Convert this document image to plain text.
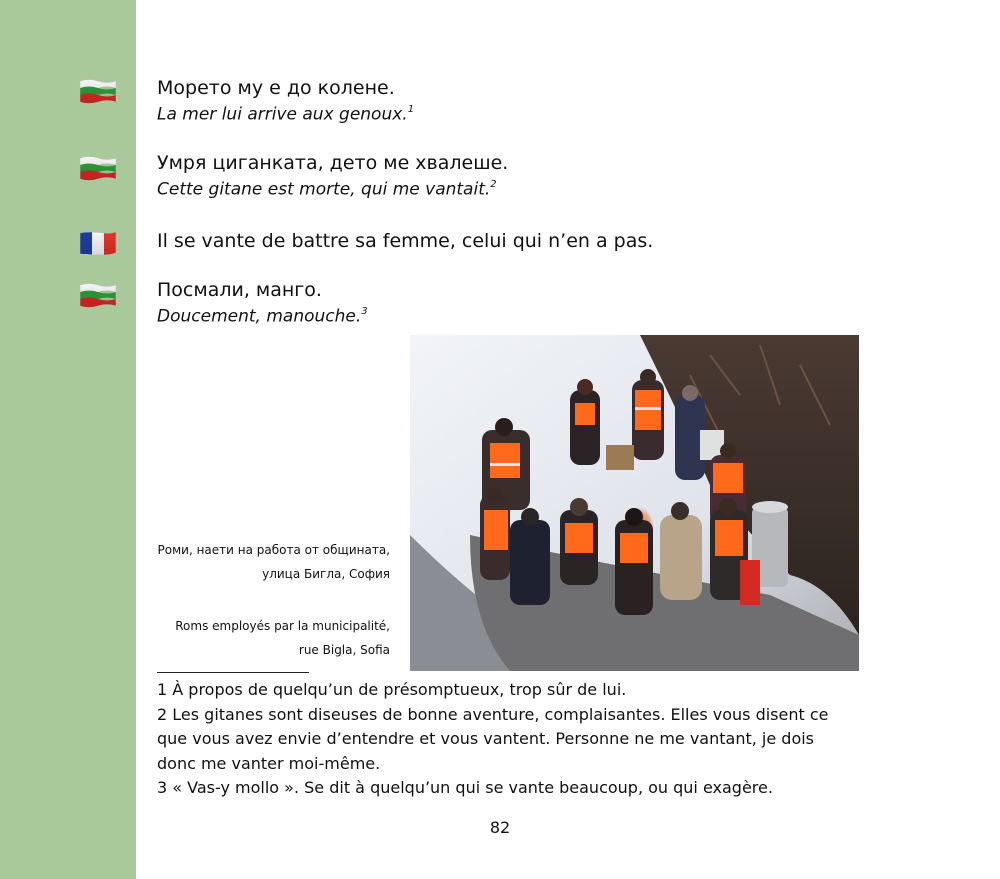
Морето му е до колене.
La mer lui arrive aux genoux.$^1$
Умря циганката, дето ме хвалеше.
Cette gitane est morte, qui me vantait.$^2$
Il se vante de battre sa femme, celui qui n’en a pas.
Посмали, манго.
Doucement, manouche.$^3$
Роми, наети на работа от общината,
улица Бигла, София
Roms employés par la municipalité,
rue Bigla, Sofia

1 À propos de quelqu’un de présomptueux, trop sûr de lui.

2 Les gitanes sont diseuses de bonne aventure, complaisantes. Elles vous disent ce que vous avez envie d’entendre et vous vantent. Personne ne me vantant, je dois donc me vanter moi-même.

3 « Vas-y mollo ». Se dit à quelqu’un qui se vante beaucoup, ou qui exagère.

82
